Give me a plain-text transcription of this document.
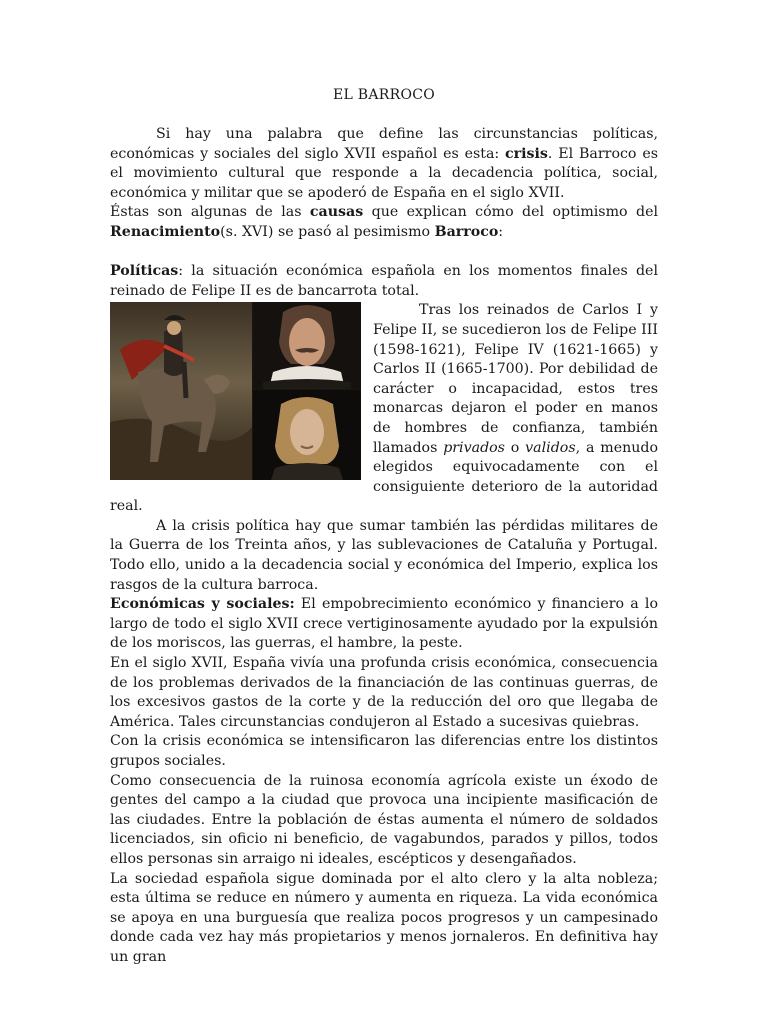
EL BARROCO

Si hay una palabra que define las circunstancias políticas, económicas y sociales del siglo XVII español es esta: crisis. El Barroco es el movimiento cultural que responde a la decadencia política, social, económica y militar que se apoderó de España en el siglo XVII.

Éstas son algunas de las causas que explican cómo del optimismo del Renacimiento(s. XVI) se pasó al pesimismo Barroco:

Políticas: la situación económica española en los momentos finales del reinado de Felipe II es de bancarrota total.

Tras los reinados de Carlos I y Felipe II, se sucedieron los de Felipe III (1598-1621), Felipe IV (1621-1665) y Carlos II (1665-1700). Por debilidad de carácter o incapacidad, estos tres monarcas dejaron el poder en manos de hombres de confianza, también llamados privados o validos, a menudo elegidos equivocadamente con el consiguiente deterioro de la autoridad real.

A la crisis política hay que sumar también las pérdidas militares de la Guerra de los Treinta años, y las sublevaciones de Cataluña y Portugal. Todo ello, unido a la decadencia social y económica del Imperio, explica los rasgos de la cultura barroca.

Económicas y sociales: El empobrecimiento económico y financiero a lo largo de todo el siglo XVII crece vertiginosamente ayudado por la expulsión de los moriscos, las guerras, el hambre, la peste.

En el siglo XVII, España vivía una profunda crisis económica, consecuencia de los problemas derivados de la financiación de las continuas guerras, de los excesivos gastos de la corte y de la reducción del oro que llegaba de América. Tales circunstancias condujeron al Estado a sucesivas quiebras.

Con la crisis económica se intensificaron las diferencias entre los distintos grupos sociales.

Como consecuencia de la ruinosa economía agrícola existe un éxodo de gentes del campo a la ciudad que provoca una incipiente masificación de las ciudades. Entre la población de éstas aumenta el número de soldados licenciados, sin oficio ni beneficio, de vagabundos, parados y pillos, todos ellos personas sin arraigo ni ideales, escépticos y desengañados.

La sociedad española sigue dominada por el alto clero y la alta nobleza; esta última se reduce en número y aumenta en riqueza. La vida económica se apoya en una burguesía que realiza pocos progresos y un campesinado donde cada vez hay más propietarios y menos jornaleros. En definitiva hay un gran
